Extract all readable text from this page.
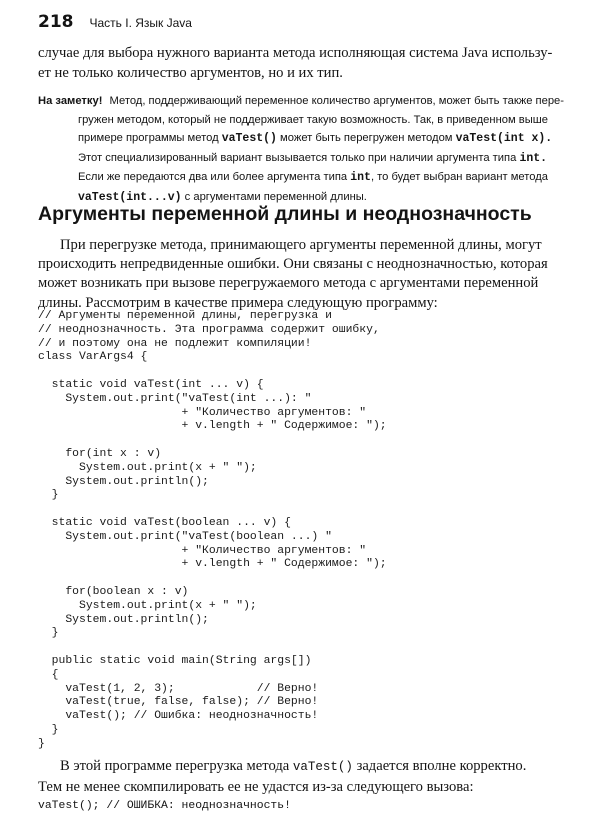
218 Часть I. Язык Java

случае для выбора нужного варианта метода исполняющая система Java использу-
ет не только количество аргументов, но и их тип.

На заметку! Метод, поддерживающий переменное количество аргументов, может быть также пере-
гружен методом, который не поддерживает такую возможность. Так, в приведенном выше
примере программы метод vaTest() может быть перегружен методом vaTest(int x).
Этот специализированный вариант вызывается только при наличии аргумента типа int.
Если же передаются два или более аргумента типа int, то будет выбран вариант метода
vaTest(int...v) с аргументами переменной длины.
Аргументы переменной длины и неоднозначность

При перегрузке метода, принимающего аргументы переменной длины, могут
происходить непредвиденные ошибки. Они связаны с неоднозначностью, которая
может возникать при вызове перегружаемого метода с аргументами переменной
длины. Рассмотрим в качестве примера следующую программу:

// Аргументы переменной длины, перегрузка и
// неоднозначность. Эта программа содержит ошибку,
// и поэтому она не подлежит компиляции!
class VarArgs4 {
static void vaTest(int ... v) {
System.out.print("vaTest(int ...): "
+ "Количество аргументов: "
+ v.length + " Содержимое: ");
for(int x : v)
System.out.print(x + " ");
System.out.println();
}
static void vaTest(boolean ... v) {
System.out.print("vaTest(boolean ...) "
+ "Количество аргументов: "
+ v.length + " Содержимое: ");
for(boolean x : v)
System.out.print(x + " ");
System.out.println();
}
public static void main(String args[])
{
vaTest(1, 2, 3);            // Верно!
vaTest(true, false, false); // Верно!
vaTest(); // Ошибка: неоднозначность!
}
}

В этой программе перегрузка метода vaTest() задается вполне корректно.
Тем не менее скомпилировать ее не удастся из-за следующего вызова:

vaTest(); // ОШИБКА: неоднозначность!
